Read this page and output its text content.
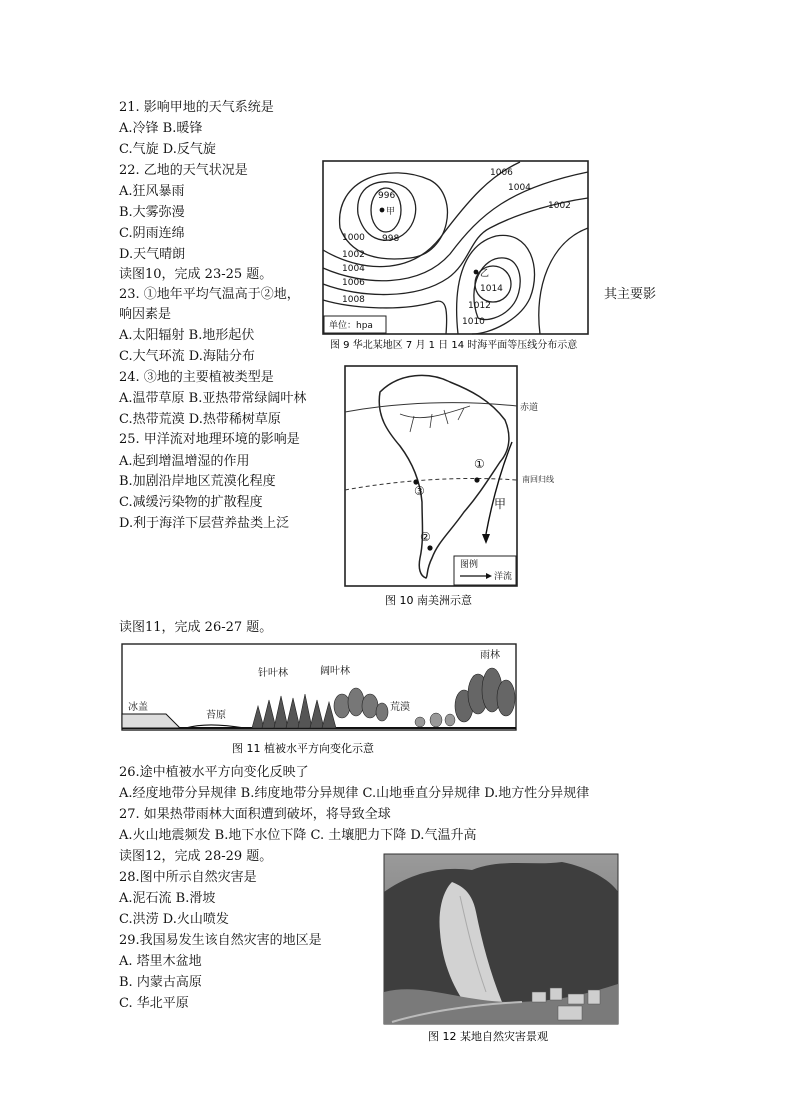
21. 影响甲地的天气系统是
A.冷锋 B.暖锋
C.气旋 D.反气旋
22. 乙地的天气状况是
A.狂风暴雨
B.大雾弥漫
C.阴雨连绵
D.天气晴朗
读图10，完成 23-25 题。
23. ①地年平均气温高于②地，	其主要影
响因素是
A.太阳辐射 B.地形起伏
C.大气环流 D.海陆分布
24. ③地的主要植被类型是
A.温带草原 B.亚热带常绿阔叶林
C.热带荒漠 D.热带稀树草原
25. 甲洋流对地理环境的影响是
A.起到增温增湿的作用
B.加剧沿岸地区荒漠化程度
C.减缓污染物的扩散程度
D.利于海洋下层营养盐类上泛
读图11，完成 26-27 题。
26.途中植被水平方向变化反映了
A.经度地带分异规律 B.纬度地带分异规律 C.山地垂直分异规律 D.地方性分异规律
27. 如果热带雨林大面积遭到破坏，将导致全球
A.火山地震频发 B.地下水位下降 C. 土壤肥力下降 D.气温升高
读图12，完成 28-29 题。
28.图中所示自然灾害是
A.泥石流 B.滑坡
C.洪涝 D.火山喷发
29.我国易发生该自然灾害的地区是
A. 塔里木盆地
B. 内蒙古高原
C. 华北平原
996
甲
998
1000
1002
1004
1006
1008
1006
1004
1002
乙
1014
1012
1010
单位：hpa
图 9 华北某地区 7 月 1 日 14 时海平面等压线分布示意
赤道
南回归线
①
③
②
甲
图例
洋流
图 10 南美洲示意
冰盖
苔原
针叶林	阔叶林
荒漠
雨林
图 11 植被水平方向变化示意
图 12 某地自然灾害景观
